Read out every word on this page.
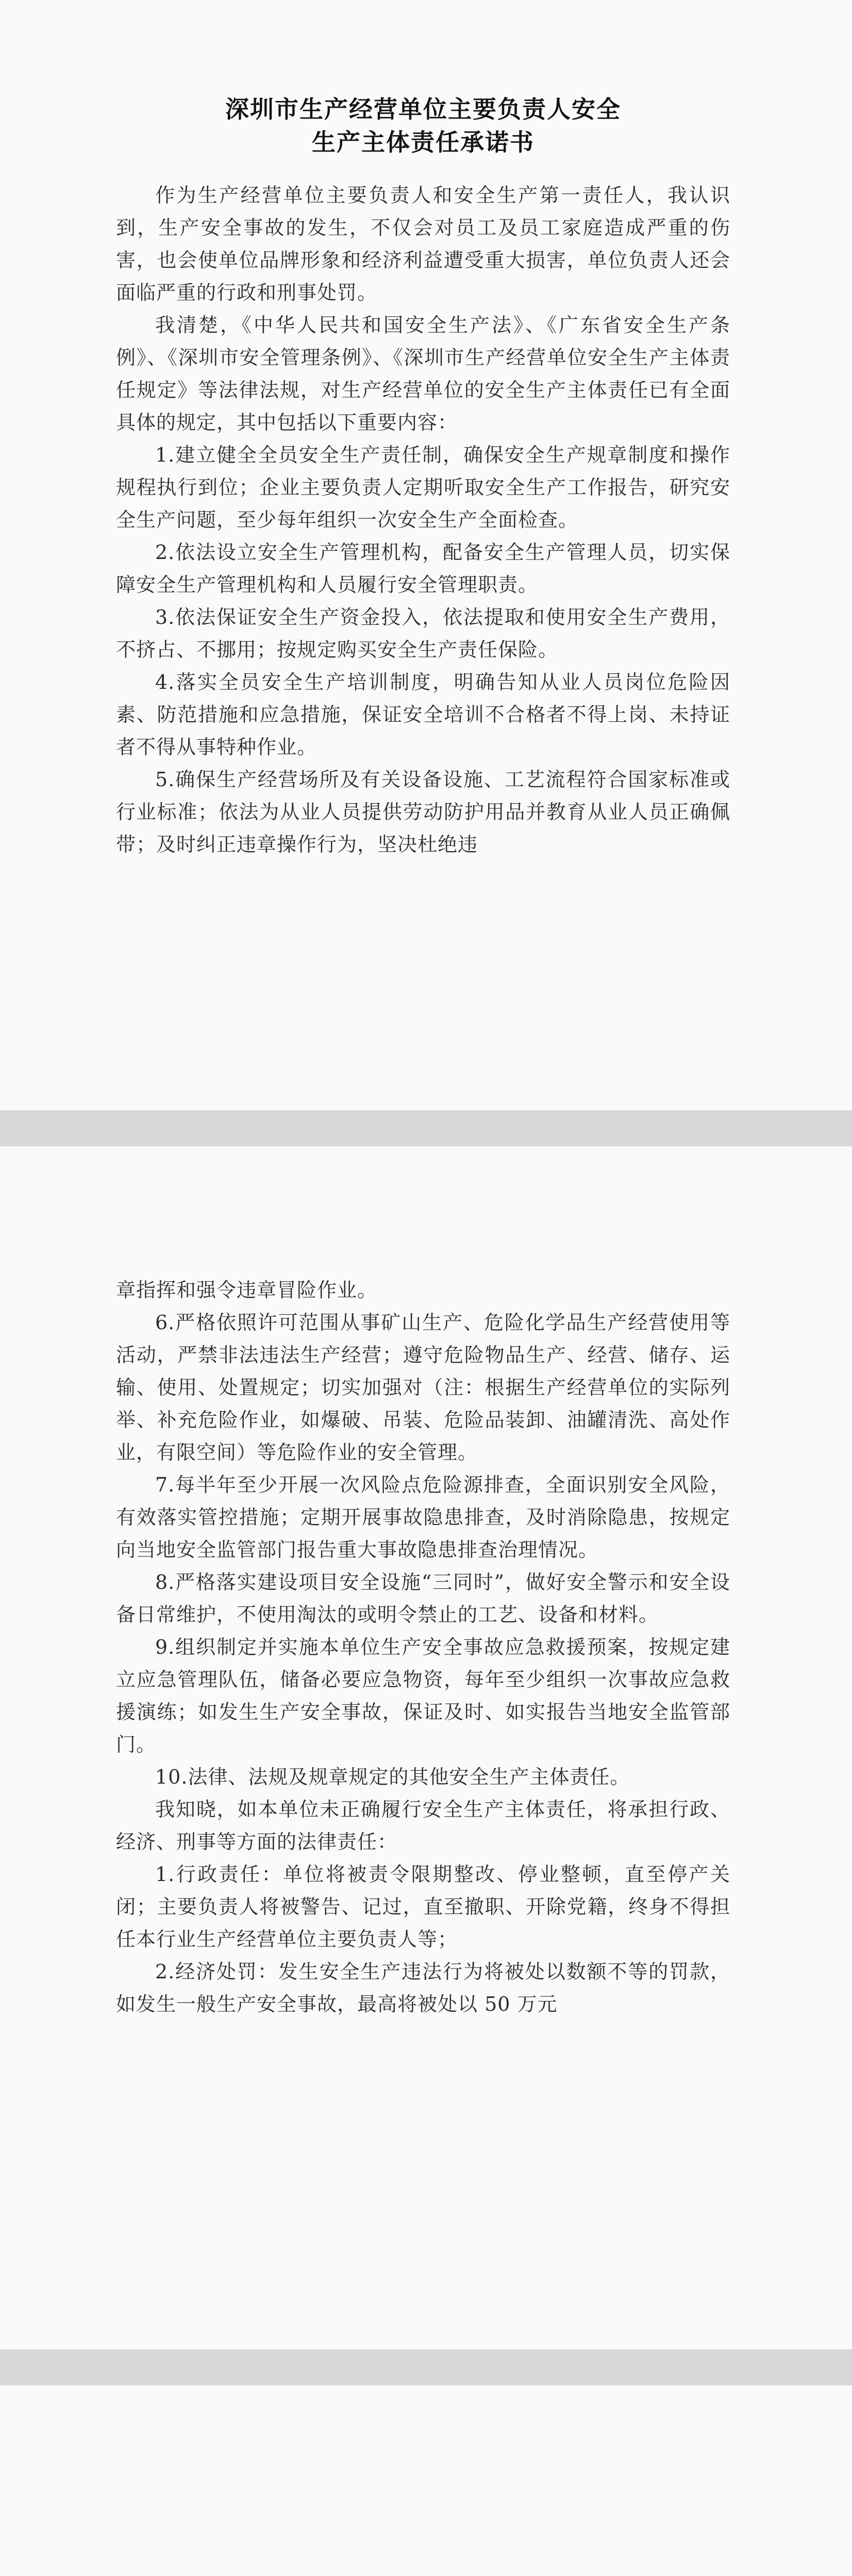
深圳市生产经营单位主要负责人安全
生产主体责任承诺书

作为生产经营单位主要负责人和安全生产第一责任人，我认识到，生产安全事故的发生，不仅会对员工及员工家庭造成严重的伤害，也会使单位品牌形象和经济利益遭受重大损害，单位负责人还会面临严重的行政和刑事处罚。

我清楚，《中华人民共和国安全生产法》、《广东省安全生产条例》、《深圳市安全管理条例》、《深圳市生产经营单位安全生产主体责任规定》等法律法规，对生产经营单位的安全生产主体责任已有全面具体的规定，其中包括以下重要内容：

1.建立健全全员安全生产责任制，确保安全生产规章制度和操作规程执行到位；企业主要负责人定期听取安全生产工作报告，研究安全生产问题，至少每年组织一次安全生产全面检查。

2.依法设立安全生产管理机构，配备安全生产管理人员，切实保障安全生产管理机构和人员履行安全管理职责。

3.依法保证安全生产资金投入，依法提取和使用安全生产费用，不挤占、不挪用；按规定购买安全生产责任保险。

4.落实全员安全生产培训制度，明确告知从业人员岗位危险因素、防范措施和应急措施，保证安全培训不合格者不得上岗、未持证者不得从事特种作业。

5.确保生产经营场所及有关设备设施、工艺流程符合国家标准或行业标准；依法为从业人员提供劳动防护用品并教育从业人员正确佩带；及时纠正违章操作行为，坚决杜绝违

章指挥和强令违章冒险作业。

6.严格依照许可范围从事矿山生产、危险化学品生产经营使用等活动，严禁非法违法生产经营；遵守危险物品生产、经营、储存、运输、使用、处置规定；切实加强对（注：根据生产经营单位的实际列举、补充危险作业，如爆破、吊装、危险品装卸、油罐清洗、高处作业，有限空间）等危险作业的安全管理。

7.每半年至少开展一次风险点危险源排查，全面识别安全风险，有效落实管控措施；定期开展事故隐患排查，及时消除隐患，按规定向当地安全监管部门报告重大事故隐患排查治理情况。

8.严格落实建设项目安全设施“三同时”，做好安全警示和安全设备日常维护，不使用淘汰的或明令禁止的工艺、设备和材料。

9.组织制定并实施本单位生产安全事故应急救援预案，按规定建立应急管理队伍，储备必要应急物资，每年至少组织一次事故应急救援演练；如发生生产安全事故，保证及时、如实报告当地安全监管部门。

10.法律、法规及规章规定的其他安全生产主体责任。

我知晓，如本单位未正确履行安全生产主体责任，将承担行政、经济、刑事等方面的法律责任：

1.行政责任：单位将被责令限期整改、停业整顿，直至停产关闭；主要负责人将被警告、记过，直至撤职、开除党籍，终身不得担任本行业生产经营单位主要负责人等；

2.经济处罚：发生安全生产违法行为将被处以数额不等的罚款，如发生一般生产安全事故，最高将被处以 50 万元
